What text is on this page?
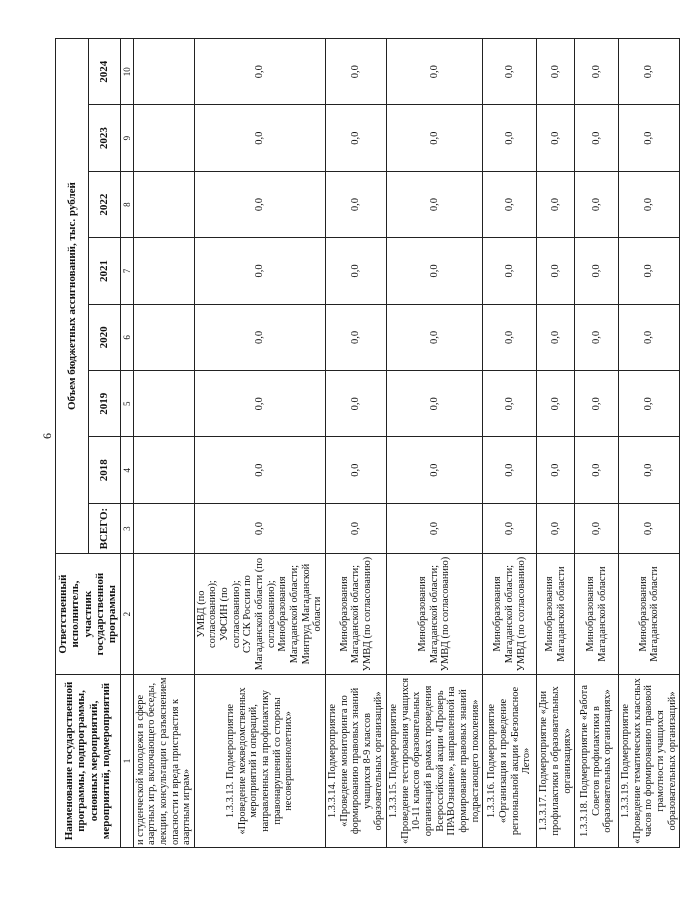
6
Наименование государственной программы, подпрограммы, основных мероприятий, мероприятий, подмероприятий	Ответственный исполнитель, участник государственной программы	Объем бюджетных ассигнований, тыс. рублей							
		ВСЕГО:	2018	2019	2020	2021	2022	2023	2024
1	2	3	4	5	6	7	8	9	10
и студенческой молодежи в сфере азартных игр, включающего беседы, лекции, консультации с разъяснением опасности и вреда пристрастия к азартным играм»									
1.3.3.13. Подмероприятие «Проведение межведомственных мероприятий и операций, направленных на профилактику правонарушений со стороны несовершеннолетних»	УМВД (по согласованию); УФСИН (по согласованию); СУ СК России по Магаданской области (по согласованию); Минобразования Магаданской области; Минтруд Магаданской области	0,0	0,0	0,0	0,0	0,0	0,0	0,0	0,0
1.3.3.14. Подмероприятие «Проведение мониторинга по формированию правовых знаний учащихся 8-9 классов образовательных организаций»	Минобразования Магаданской области; УМВД (по согласованию)	0,0	0,0	0,0	0,0	0,0	0,0	0,0	0,0
1.3.3.15. Подмероприятие «Проведение тестирования учащихся 10-11 классов образовательных организаций в рамках проведения Всероссийской акции «Проверь ПРАВОзнание», направленной на формирование правовых знаний подрастающего поколения»	Минобразования Магаданской области; УМВД (по согласованию)	0,0	0,0	0,0	0,0	0,0	0,0	0,0	0,0
1.3.3.16. Подмероприятие «Организация и проведение региональной акции «Безопасное Лето»	Минобразования Магаданской области; УМВД (по согласованию)	0,0	0,0	0,0	0,0	0,0	0,0	0,0	0,0
1.3.3.17. Подмероприятие «Дни профилактики в образовательных организациях»	Минобразования Магаданской области	0,0	0,0	0,0	0,0	0,0	0,0	0,0	0,0
1.3.3.18. Подмероприятие «Работа Советов профилактики в образовательных организациях»	Минобразования Магаданской области	0,0	0,0	0,0	0,0	0,0	0,0	0,0	0,0
1.3.3.19. Подмероприятие «Проведение тематических классных часов по формированию правовой грамотности учащихся образовательных организаций»	Минобразования Магаданской области	0,0	0,0	0,0	0,0	0,0	0,0	0,0	0,0
